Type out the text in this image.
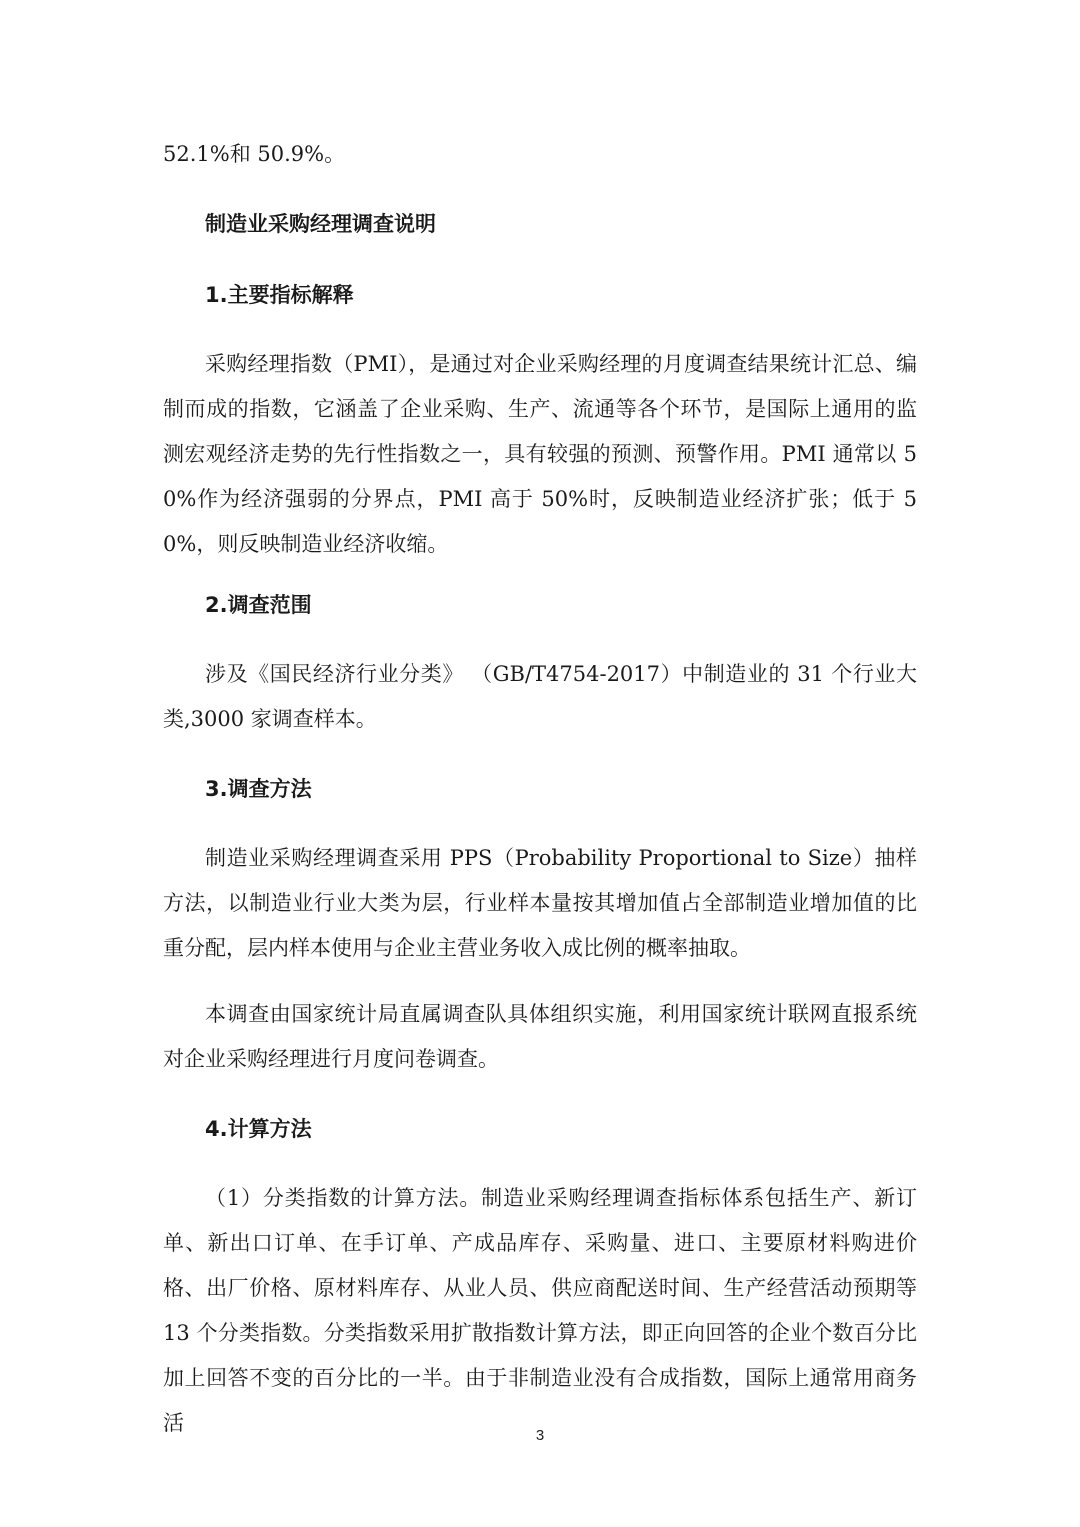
52.1%和 50.9%。

制造业采购经理调查说明
1.主要指标解释

采购经理指数（PMI），是通过对企业采购经理的月度调查结果统计汇总、编制而成的指数，它涵盖了企业采购、生产、流通等各个环节，是国际上通用的监测宏观经济走势的先行性指数之一，具有较强的预测、预警作用。PMI 通常以 50%作为经济强弱的分界点，PMI 高于 50%时，反映制造业经济扩张；低于 50%，则反映制造业经济收缩。

2.调查范围

涉及《国民经济行业分类》 （GB/T4754-2017）中制造业的 31 个行业大类,3000 家调查样本。

3.调查方法

制造业采购经理调查采用 PPS（Probability Proportional to Size）抽样方法，以制造业行业大类为层，行业样本量按其增加值占全部制造业增加值的比重分配，层内样本使用与企业主营业务收入成比例的概率抽取。

本调查由国家统计局直属调查队具体组织实施，利用国家统计联网直报系统对企业采购经理进行月度问卷调查。

4.计算方法

（1）分类指数的计算方法。制造业采购经理调查指标体系包括生产、新订单、新出口订单、在手订单、产成品库存、采购量、进口、主要原材料购进价格、出厂价格、原材料库存、从业人员、供应商配送时间、生产经营活动预期等 13 个分类指数。分类指数采用扩散指数计算方法，即正向回答的企业个数百分比加上回答不变的百分比的一半。由于非制造业没有合成指数，国际上通常用商务活

3
